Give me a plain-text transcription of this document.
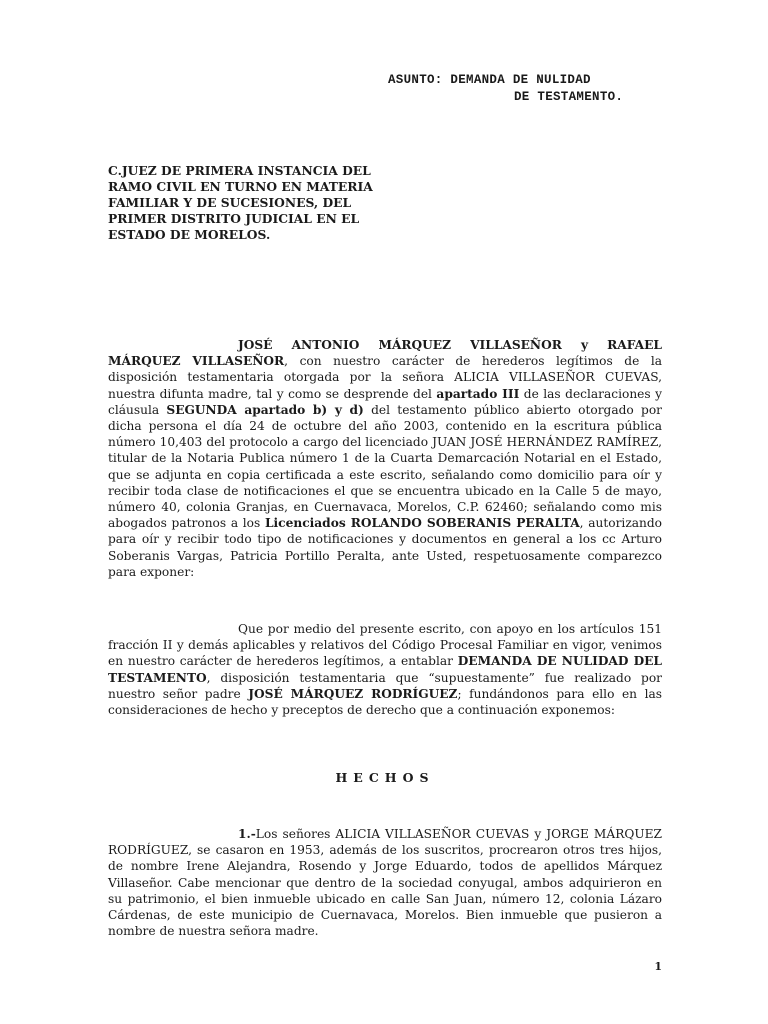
ASUNTO: DEMANDA DE NULIDAD
DE TESTAMENTO.
C.JUEZ DE PRIMERA INSTANCIA DEL
RAMO CIVIL EN TURNO EN MATERIA
FAMILIAR Y DE SUCESIONES, DEL
PRIMER DISTRITO JUDICIAL EN EL
ESTADO DE MORELOS.
JOSÉ ANTONIO MÁRQUEZ VILLASEÑOR y RAFAEL MÁRQUEZ VILLASEÑOR, con nuestro carácter de herederos legítimos de la disposición testamentaria otorgada por la señora ALICIA VILLASEÑOR CUEVAS, nuestra difunta madre, tal y como se desprende del apartado III de las declaraciones y cláusula SEGUNDA apartado b) y d) del testamento público abierto otorgado por dicha persona el día 24 de octubre del año 2003, contenido en la escritura pública número 10,403 del protocolo a cargo del licenciado JUAN JOSÉ HERNÁNDEZ RAMÍREZ, titular de la Notaria Publica número 1 de la Cuarta Demarcación Notarial en el Estado, que se adjunta en copia certificada a este escrito, señalando como domicilio para oír y recibir toda clase de notificaciones el que se encuentra ubicado en la Calle 5 de mayo, número 40, colonia Granjas, en Cuernavaca, Morelos, C.P. 62460; señalando como mis abogados patronos a los Licenciados ROLANDO SOBERANIS PERALTA, autorizando para oír y recibir todo tipo de notificaciones y documentos en general a los cc Arturo Soberanis Vargas, Patricia Portillo Peralta, ante Usted, respetuosamente comparezco para exponer:
Que por medio del presente escrito, con apoyo en los artículos 151 fracción II y demás aplicables y relativos del Código Procesal Familiar en vigor, venimos en nuestro carácter de herederos legítimos, a entablar DEMANDA DE NULIDAD DEL TESTAMENTO, disposición testamentaria que “supuestamente” fue realizado por nuestro señor padre JOSÉ MÁRQUEZ RODRÍGUEZ; fundándonos para ello en las consideraciones de hecho y preceptos de derecho que a continuación exponemos:
HECHOS
1.-Los señores ALICIA VILLASEÑOR CUEVAS y JORGE MÁRQUEZ RODRÍGUEZ, se casaron en 1953, además de los suscritos, procrearon otros tres hijos, de nombre Irene Alejandra, Rosendo y Jorge Eduardo, todos de apellidos Márquez Villaseñor. Cabe mencionar que dentro de la sociedad conyugal, ambos adquirieron en su patrimonio, el bien inmueble ubicado en calle San Juan, número 12, colonia Lázaro Cárdenas, de este municipio de Cuernavaca, Morelos. Bien inmueble que pusieron a nombre de nuestra señora madre.
1
